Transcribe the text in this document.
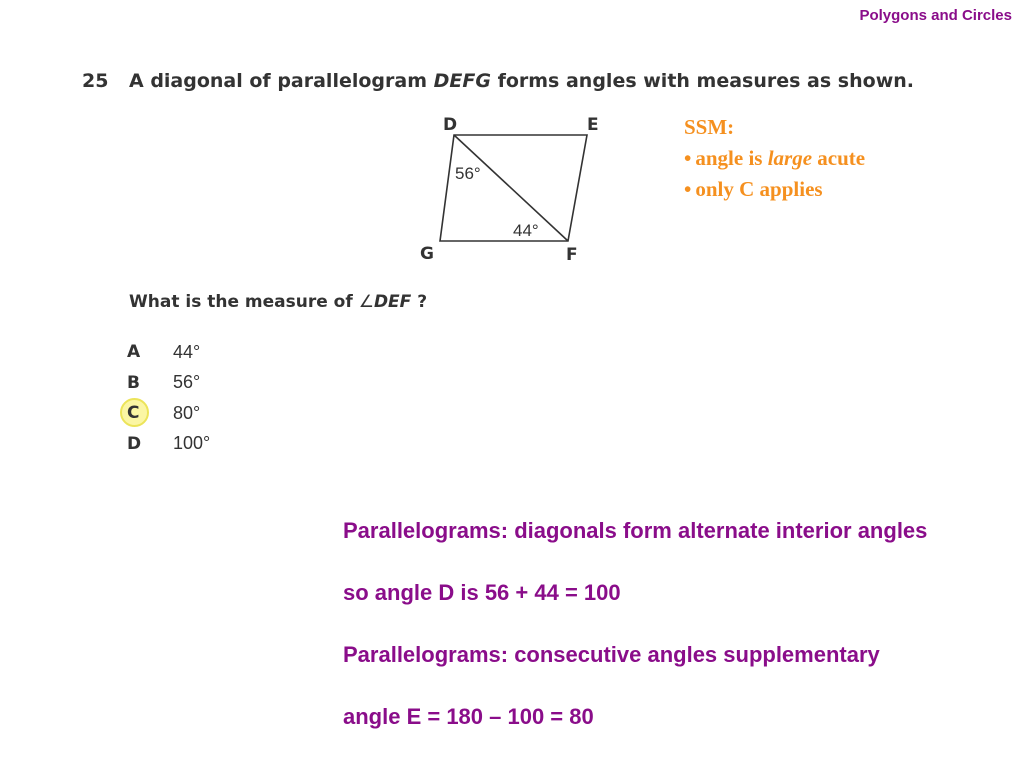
Polygons and Circles
25 A diagonal of parallelogram DEFG forms angles with measures as shown.
D	E
G	F
56°
44°
What is the measure of ∠DEF ?
A	44°
B	56°
C	80°
D	100°
SSM:
• angle is large acute
• only C applies

Parallelograms: diagonals form alternate interior angles

so angle D is 56 + 44 = 100

Parallelograms: consecutive angles supplementary

angle E = 180 – 100 = 80
